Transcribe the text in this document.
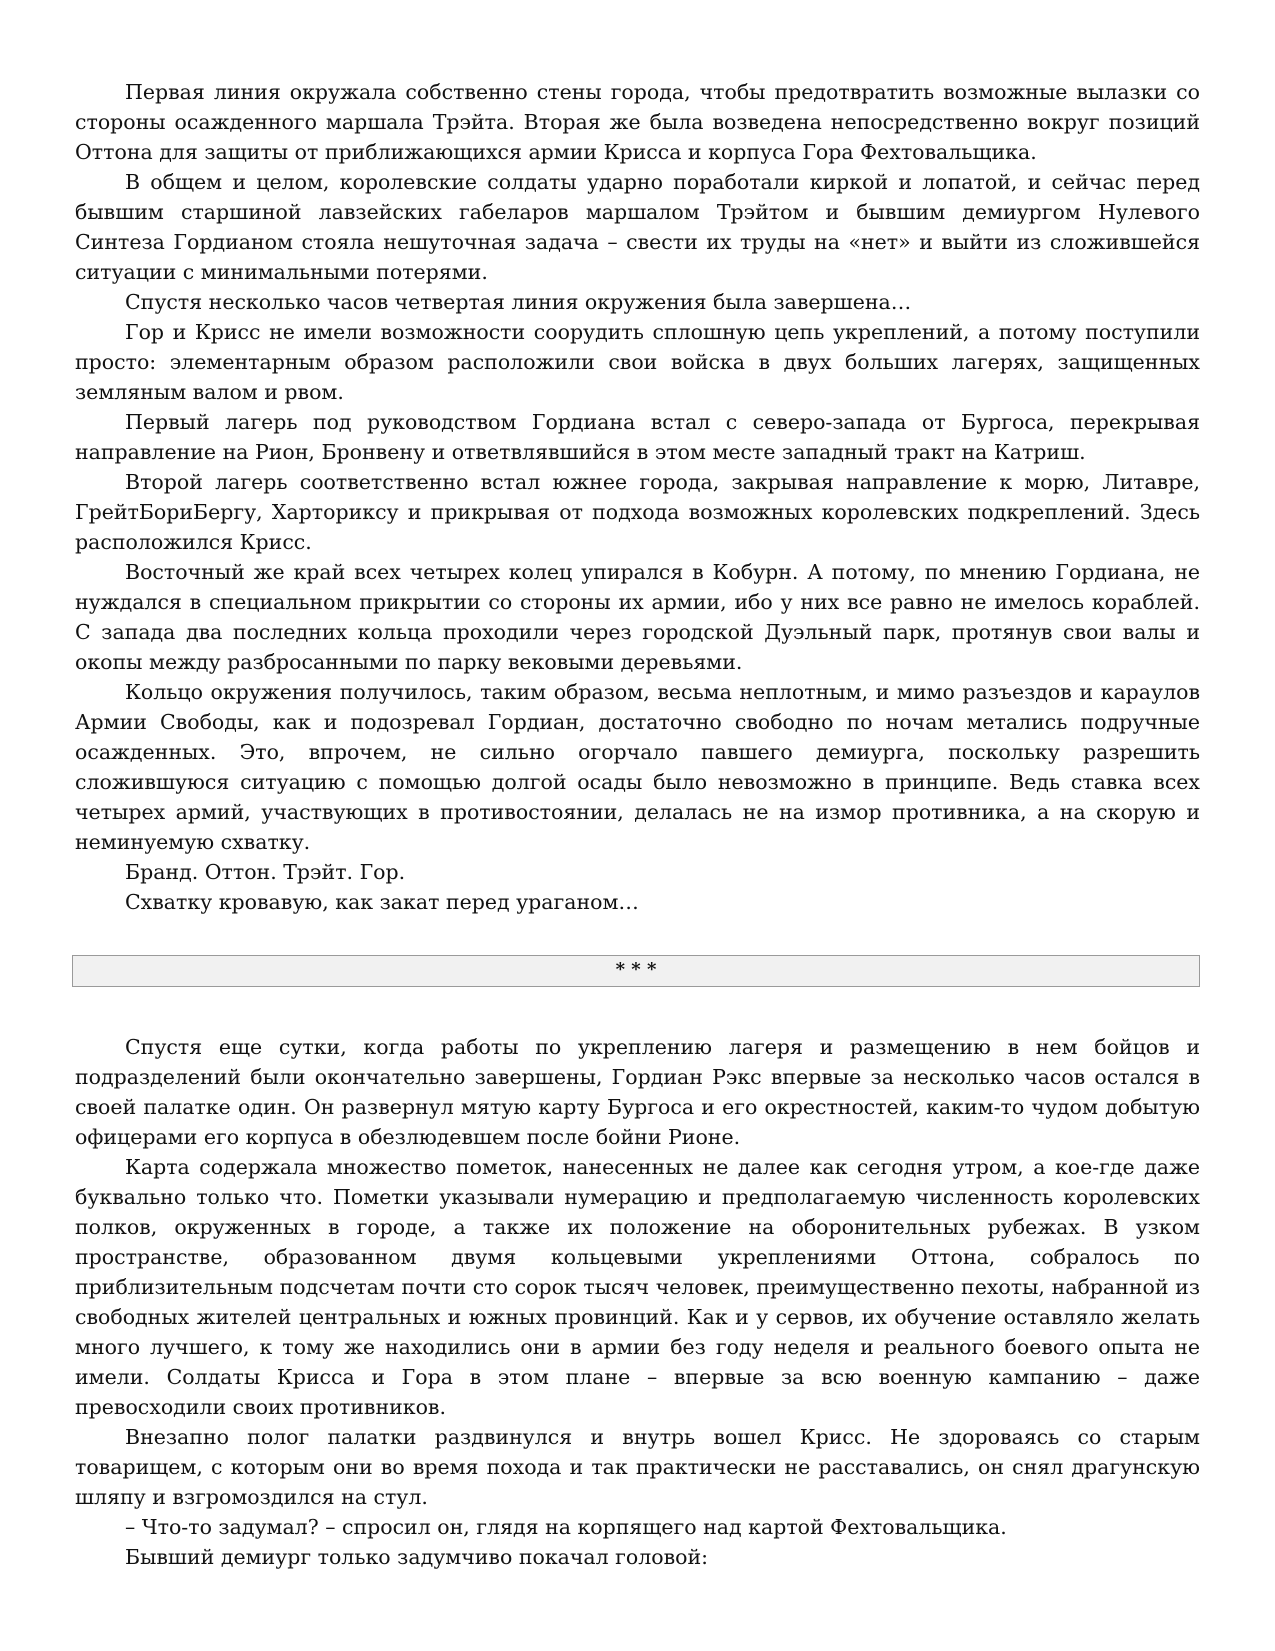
Первая линия окружала собственно стены города, чтобы предотвратить возможные вылазки со стороны осажденного маршала Трэйта. Вторая же была возведена непосредственно вокруг позиций Оттона для защиты от приближающихся армии Крисса и корпуса Гора Фехтовальщика.

В общем и целом, королевские солдаты ударно поработали киркой и лопатой, и сейчас перед бывшим старшиной лавзейских габеларов маршалом Трэйтом и бывшим демиургом Нулевого Синтеза Гордианом стояла нешуточная задача – свести их труды на «нет» и выйти из сложившейся ситуации с минимальными потерями.

Спустя несколько часов четвертая линия окружения была завершена…

Гор и Крисс не имели возможности соорудить сплошную цепь укреплений, а потому поступили просто: элементарным образом расположили свои войска в двух больших лагерях, защищенных земляным валом и рвом.

Первый лагерь под руководством Гордиана встал с северо-запада от Бургоса, перекрывая направление на Рион, Бронвену и ответвлявшийся в этом месте западный тракт на Катриш.

Второй лагерь соответственно встал южнее города, закрывая направление к морю, Литавре, ГрейтБориБергу, Харториксу и прикрывая от подхода возможных королевских подкреплений. Здесь расположился Крисс.

Восточный же край всех четырех колец упирался в Кобурн. А потому, по мнению Гордиана, не нуждался в специальном прикрытии со стороны их армии, ибо у них все равно не имелось кораблей. С запада два последних кольца проходили через городской Дуэльный парк, протянув свои валы и окопы между разбросанными по парку вековыми деревьями.

Кольцо окружения получилось, таким образом, весьма неплотным, и мимо разъездов и караулов Армии Свободы, как и подозревал Гордиан, достаточно свободно по ночам метались подручные осажденных. Это, впрочем, не сильно огорчало павшего демиурга, поскольку разрешить сложившуюся ситуацию с помощью долгой осады было невозможно в принципе. Ведь ставка всех четырех армий, участвующих в противостоянии, делалась не на измор противника, а на скорую и неминуемую схватку.

Бранд. Оттон. Трэйт. Гор.

Схватку кровавую, как закат перед ураганом…

* * *

Спустя еще сутки, когда работы по укреплению лагеря и размещению в нем бойцов и подразделений были окончательно завершены, Гордиан Рэкс впервые за несколько часов остался в своей палатке один. Он развернул мятую карту Бургоса и его окрестностей, каким-то чудом добытую офицерами его корпуса в обезлюдевшем после бойни Рионе.

Карта содержала множество пометок, нанесенных не далее как сегодня утром, а кое-где даже буквально только что. Пометки указывали нумерацию и предполагаемую численность королевских полков, окруженных в городе, а также их положение на оборонительных рубежах. В узком пространстве, образованном двумя кольцевыми укреплениями Оттона, собралось по приблизительным подсчетам почти сто сорок тысяч человек, преимущественно пехоты, набранной из свободных жителей центральных и южных провинций. Как и у сервов, их обучение оставляло желать много лучшего, к тому же находились они в армии без году неделя и реального боевого опыта не имели. Солдаты Крисса и Гора в этом плане – впервые за всю военную кампанию – даже превосходили своих противников.

Внезапно полог палатки раздвинулся и внутрь вошел Крисс. Не здороваясь со старым товарищем, с которым они во время похода и так практически не расставались, он снял драгунскую шляпу и взгромоздился на стул.

– Что-то задумал? – спросил он, глядя на корпящего над картой Фехтовальщика.

Бывший демиург только задумчиво покачал головой:
